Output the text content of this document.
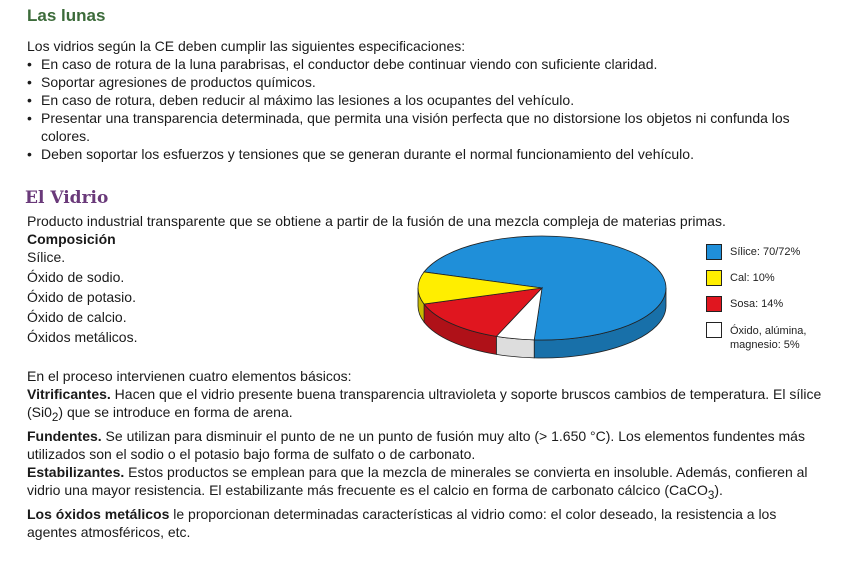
Las lunas

Los vidrios según la CE deben cumplir las siguientes especificaciones:

• En caso de rotura de la luna parabrisas, el conductor debe continuar viendo con suficiente claridad.
• Soportar agresiones de productos químicos.
• En caso de rotura, deben reducir al máximo las lesiones a los ocupantes del vehículo.
• Presentar una transparencia determinada, que permita una visión perfecta que no distorsione los objetos ni confunda los colores.
• Deben soportar los esfuerzos y tensiones que se generan durante el normal funcionamiento del vehículo.
El Vidrio

Producto industrial transparente que se obtiene a partir de la fusión de una mezcla compleja de materias primas.

Composición
Sílice.
Óxido de sodio.
Óxido de potasio.
Óxido de calcio.
Óxidos metálicos.
Sílice: 70/72%
Cal: 10%
Sosa: 14%
Óxido, alúmina, magnesio: 5%

En el proceso intervienen cuatro elementos básicos:

Vitrificantes. Hacen que el vidrio presente buena transparencia ultravioleta y soporte bruscos cambios de temperatura. El sílice $(Si0_2)$ que se introduce en forma de arena.

Fundentes. Se utilizan para disminuir el punto de ne un punto de fusión muy alto (> 1.650 °C). Los elementos fundentes más utilizados son el sodio o el potasio bajo forma de sulfato o de carbonato.

Estabilizantes. Estos productos se emplean para que la mezcla de minerales se convierta en insoluble. Además, confieren al vidrio una mayor resistencia. El estabilizante más frecuente es el calcio en forma de carbonato cálcico (CaCO$_3$).

Los óxidos metálicos le proporcionan determinadas características al vidrio como: el color deseado, la resistencia a los agentes atmosféricos, etc.
